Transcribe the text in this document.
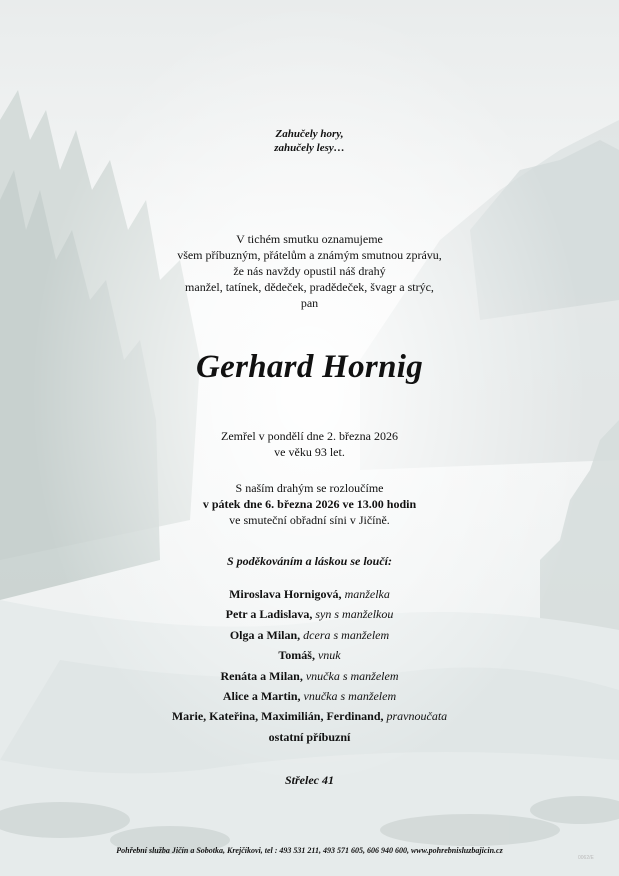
Zahučely hory,
zahučely lesy…
V tichém smutku oznamujeme
všem příbuzným, přátelům a známým smutnou zprávu,
že nás navždy opustil náš drahý
manžel, tatínek, dědeček, pradědeček, švagr a strýc,
pan
Gerhard Hornig
Zemřel v pondělí dne 2. března 2026
ve věku 93 let.
S naším drahým se rozloučíme
v pátek dne 6. března 2026 ve 13.00 hodin
ve smuteční obřadní síni v Jičíně.
S poděkováním a láskou se loučí:
Miroslava Hornigová, manželka
Petr a Ladislava, syn s manželkou
Olga a Milan, dcera s manželem
Tomáš, vnuk
Renáta a Milan, vnučka s manželem
Alice a Martin, vnučka s manželem
Marie, Kateřina, Maximilián, Ferdinand, pravnoučata
ostatní příbuzní
Střelec 41
Pohřební služba Jičín a Sobotka, Krejčíkovi, tel : 493 531 211, 493 571 605, 606 940 600, www.pohrebnisluzbajicin.cz
0062/E
